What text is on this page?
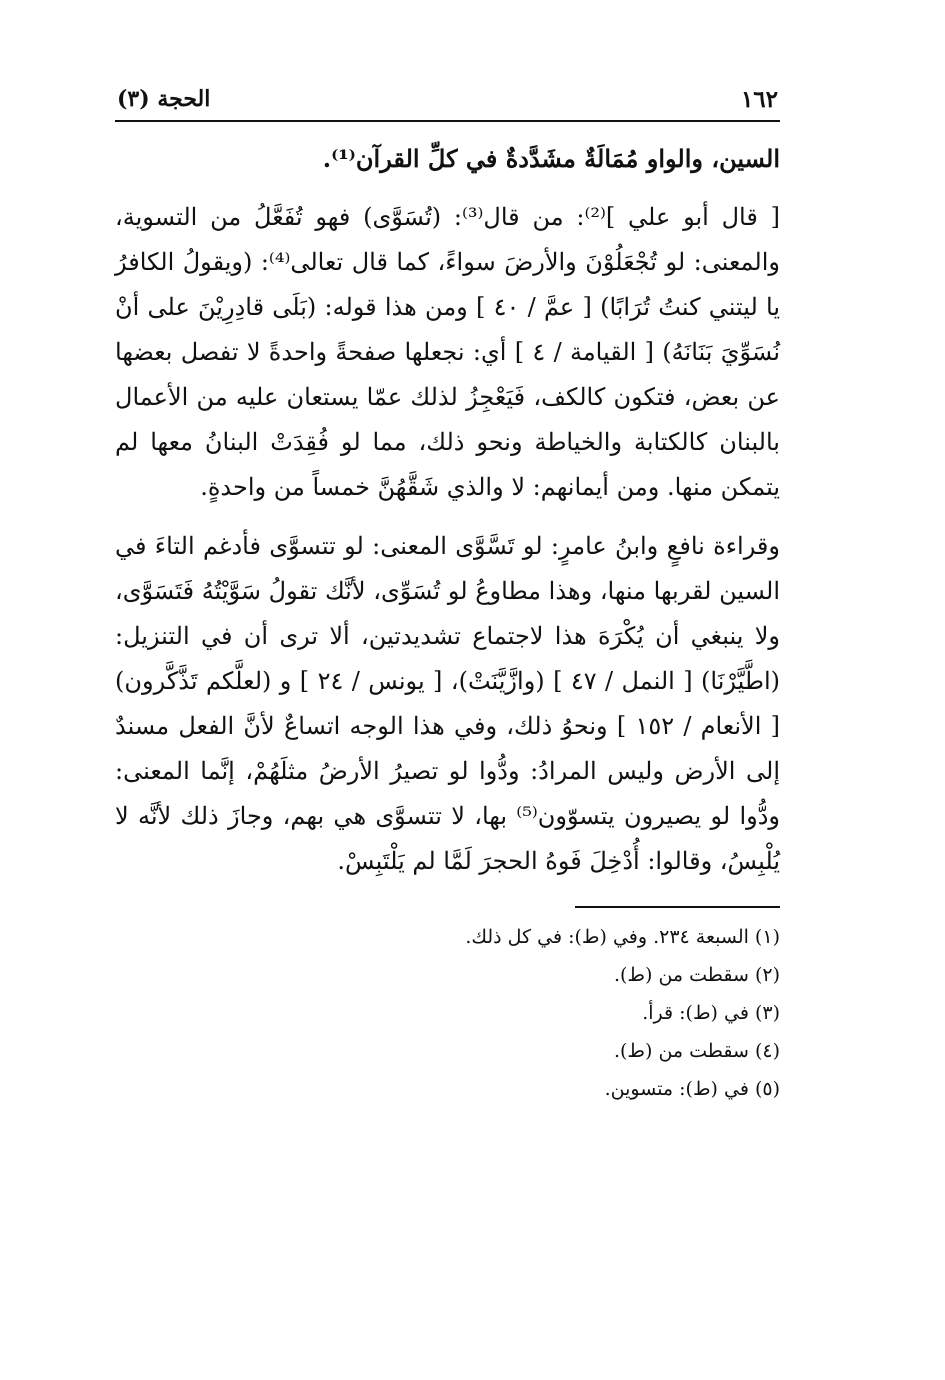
١٦٢
الحجة (٣)

السين، والواو مُمَالَةٌ مشَدَّدةٌ في كلِّ القرآن⁽¹⁾.

[ قال أبو علي ]⁽²⁾: من قال⁽³⁾: (تُسَوَّى) فهو تُفَعَّلُ من التسوية، والمعنى: لو تُجْعَلُوْنَ والأرضَ سواءً، كما قال تعالى⁽⁴⁾: (ويقولُ الكافرُ يا ليتني كنتُ تُرَابًا) [ عمَّ / ٤٠ ] ومن هذا قوله: (بَلَى قادِرِيْنَ على أنْ نُسَوِّيَ بَنَانَهُ) [ القيامة / ٤ ] أي: نجعلها صفحةً واحدةً لا تفصل بعضها عن بعض، فتكون كالكف، فَيَعْجِزُ لذلك عمّا يستعان عليه من الأعمال بالبنان كالكتابة والخياطة ونحو ذلك، مما لو فُقِدَتْ البنانُ معها لم يتمكن منها. ومن أيمانهم: لا والذي شَقَّهُنَّ خمساً من واحدةٍ.

وقراءة نافعٍ وابنُ عامرٍ: لو تَسَّوَّى المعنى: لو تتسوَّى فأدغم التاءَ في السين لقربها منها، وهذا مطاوعُ لو تُسَوِّى، لأنَّك تقولُ سَوَّيْتُهُ فَتَسَوَّى، ولا ينبغي أن يُكْرَهَ هذا لاجتماع تشديدتين، ألا ترى أن في التنزيل: (اطَّيَّرْنَا) [ النمل / ٤٧ ] (وازَّيَّنَتْ)، [ يونس / ٢٤ ] و (لعلَّكم تَذَّكَّرون) [ الأنعام / ١٥٢ ] ونحوُ ذلك، وفي هذا الوجه اتساعٌ لأنَّ الفعل مسندٌ إلى الأرض وليس المرادُ: ودُّوا لو تصيرُ الأرضُ مثلَهُمْ، إنَّما المعنى: ودُّوا لو يصيرون يتسوّون⁽⁵⁾ بها، لا تتسوَّى هي بهم، وجازَ ذلك لأنَّه لا يُلْبِسُ، وقالوا: أُدْخِلَ فَوهُ الحجرَ لَمَّا لم يَلْتَبِسْ.

(١) السبعة ٢٣٤. وفي (ط): في كل ذلك.
(٢) سقطت من (ط).
(٣) في (ط): قرأ.
(٤) سقطت من (ط).
(٥) في (ط): متسوين.
